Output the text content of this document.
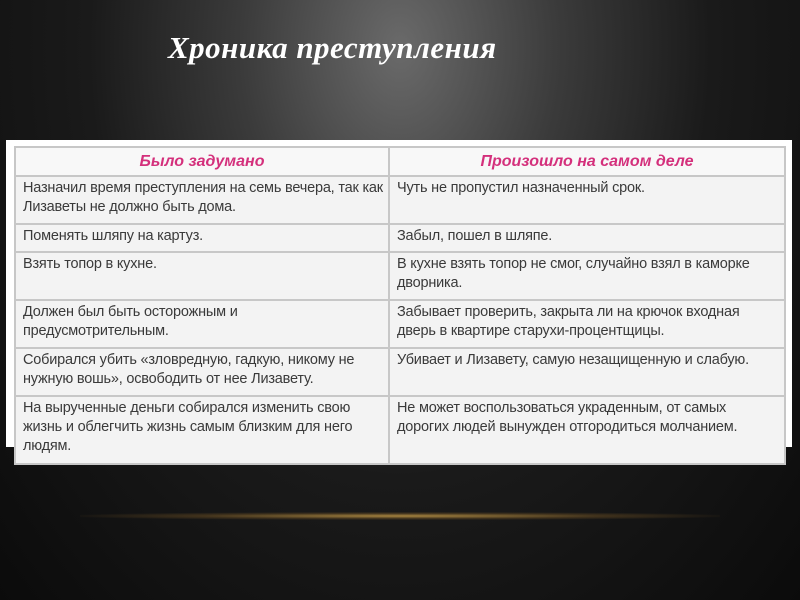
Хроника преступления
Было задумано	Произошло на самом деле
Назначил время преступления на семь вечера, так как Лизаветы не должно быть дома.	Чуть не пропустил назначенный срок.
Поменять шляпу на картуз.	Забыл, пошел в шляпе.
Взять топор в кухне.	В кухне взять топор не смог, случайно взял в каморке дворника.
Должен был быть осторожным и предусмотрительным.	Забывает проверить, закрыта ли на крючок входная дверь в квартире старухи-процентщицы.
Собирался убить «зловредную, гадкую, никому не нужную вошь», освободить от нее Лизавету.	Убивает и Лизавету, самую незащищенную и слабую.
На вырученные деньги собирался изменить свою жизнь и облегчить жизнь самым близким для него людям.	Не может воспользоваться украденным, от самых дорогих людей вынужден отгородиться молчанием.
